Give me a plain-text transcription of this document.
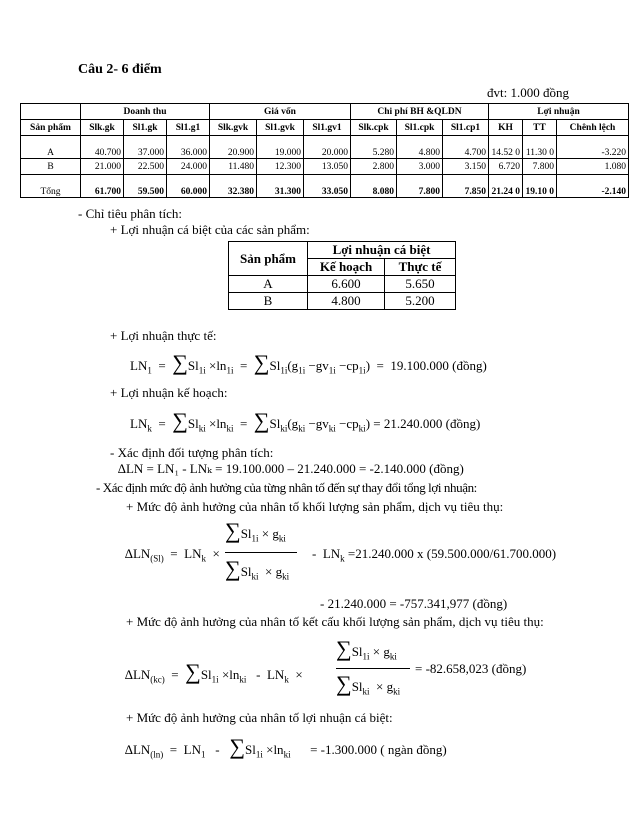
Câu 2- 6 điểm
đvt: 1.000 đồng
	Doanh thu			Giá vốn			Chi phí BH &QLDN			Lợi nhuận		
Sản phẩm	Slk.gk	Sl1.gk	Sl1.g1	Slk.gvk	Sl1.gvk	Sl1.gv1	Slk.cpk	Sl1.cpk	Sl1.cp1	KH	TT	Chênh lệch
A	40.700	37.000	36.000	20.900	19.000	20.000	5.280	4.800	4.700	14.52 0	11.30 0	-3.220
B	21.000	22.500	24.000	11.480	12.300	13.050	2.800	3.000	3.150	6.720	7.800	1.080
Tổng	61.700	59.500	60.000	32.380	31.300	33.050	8.080	7.800	7.850	21.24 0	19.10 0	-2.140
- Chỉ tiêu phân tích:
+ Lợi nhuận cá biệt của các sản phẩm:
Sản phẩm	Lợi nhuận cá biệt	
	Kế hoạch	Thực tế
A	6.600	5.650
B	4.800	5.200
+ Lợi nhuận thực tế:
$LN_1 = \sum Sl_{1i} \times\ln_{1i} = \sum Sl_{1i}(g_{1i} -gv_{1i} -cp_{1i}) = 19.100.000$ (đồng)
+ Lợi nhuận kế hoạch:
$LN_k = \sum Sl_{ki} \times\ln_{ki} = \sum Sl_{ki}(g_{ki} -gv_{ki} -cp_{ki}) = 21.240.000$ (đồng)
- Xác định đối tượng phân tích:
∆LN = LN₁ - LNₖ = 19.100.000 – 21.240.000 = -2.140.000 (đồng)
- Xác định mức độ ảnh hưởng của từng nhân tố đến sự thay đổi tổng lợi nhuận:
+ Mức độ ảnh hưởng của nhân tố khối lượng sản phẩm, dịch vụ tiêu thụ:
$\Delta LN_{(Sl)} = LN_k$  ×
$\sum Sl_{1i} \times g_{ki}$
$\sum Sl_{ki} \times g_{ki}$
-  $LN_k =21.240.000$ x (59.500.000/61.700.000)
- 21.240.000 = -757.341,977 (đồng)
+ Mức độ ảnh hưởng của nhân tố kết cấu khối lượng sản phẩm, dịch vụ tiêu thụ:
$\Delta LN_{(kc)} = \sum Sl_{1i} \times\ln_{ki} - LN_k$  ×
$\sum Sl_{1i} \times g_{ki}$
$\sum Sl_{ki} \times g_{ki}$
= -82.658,023 (đồng)
+ Mức độ ảnh hưởng của nhân tố lợi nhuận cá biệt:
$\Delta LN_{(ln)} = LN_1 - \sum Sl_{1i} \times\ln_{ki} = -1.300.000$ ( ngàn đồng)
